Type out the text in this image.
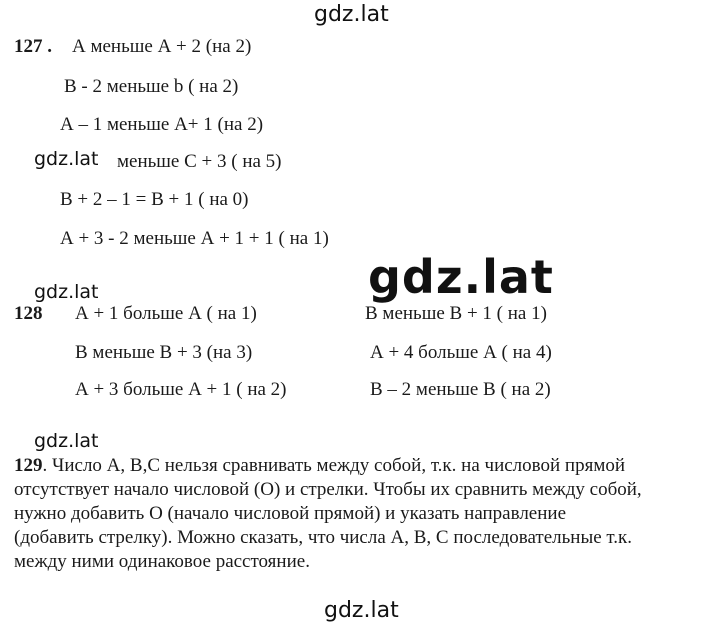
gdz.lat
gdz.lat
gdz.lat
gdz.lat
gdz.lat
gdz.lat
127 . А меньше А + 2 (на 2)
B - 2 меньше b ( на 2)
А – 1 меньше А+ 1 (на 2)
меньше С + 3 ( на 5)
В + 2 – 1 = В + 1 ( на 0)
А + 3 - 2 меньше А + 1 + 1 ( на 1)
128 А + 1 больше А ( на 1)
В меньше В + 3 (на 3)
А + 3 больше А + 1 ( на 2)
В меньше В + 1 ( на 1)
А + 4 больше А ( на 4)
В – 2 меньше В ( на 2)
129. Число А, В,С нельзя сравнивать между собой, т.к. на числовой прямой
отсутствует начало числовой (О) и стрелки. Чтобы их сравнить между собой,
нужно добавить О (начало числовой прямой) и указать направление
(добавить стрелку). Можно сказать, что числа А, В, С последовательные т.к.
между ними одинаковое расстояние.
